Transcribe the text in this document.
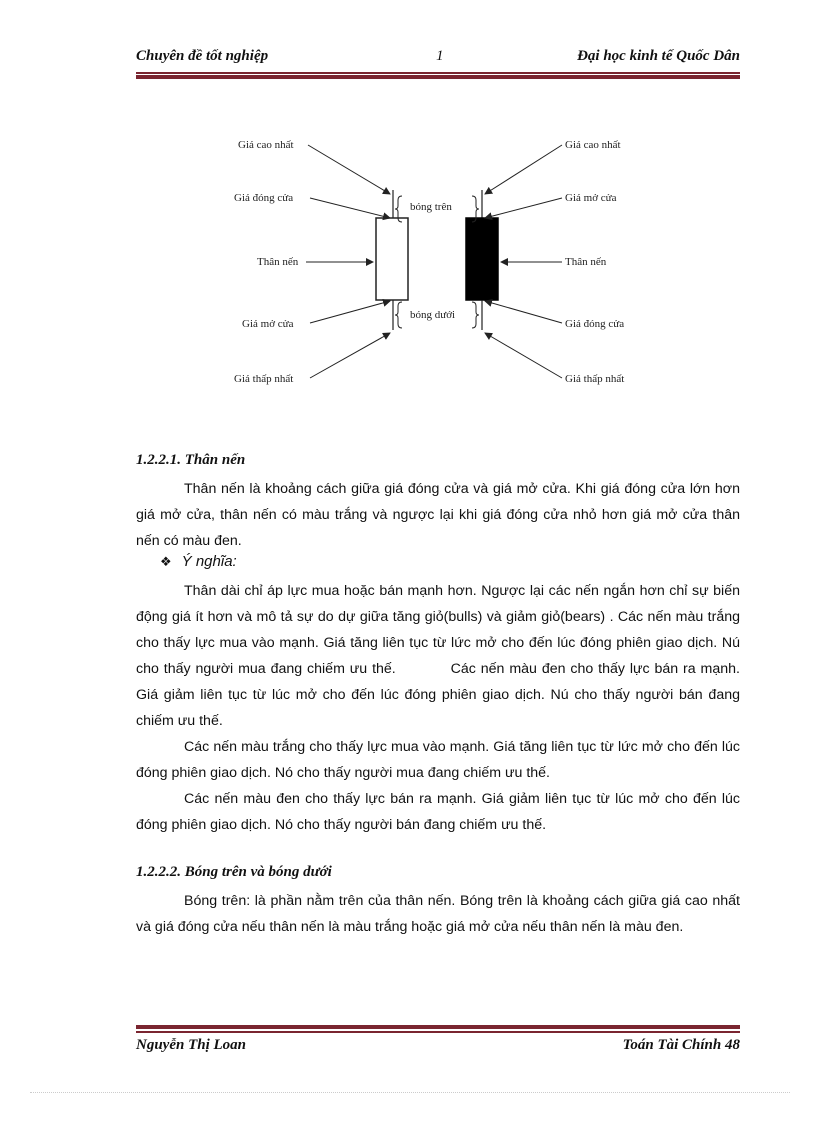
Chuyên đề tốt nghiệp	1	Đại học kinh tế Quốc Dân
bóng trên
bóng dưới
Giá cao nhất
Giá đóng cửa
Thân nến
Giá mở cửa
Giá thấp nhất
Giá cao nhất
Giá mở cửa
Thân nến
Giá đóng cửa
Giá thấp nhất
1.2.2.1. Thân nến
Thân nến là khoảng cách giữa giá đóng cửa và giá mở cửa. Khi giá đóng cửa lớn hơn giá mở cửa, thân nến có màu trắng và ngược lại khi giá đóng cửa nhỏ hơn giá mở cửa thân nến có màu đen.
❖ Ý nghĩa:
Thân dài chỉ áp lực mua hoặc bán mạnh hơn. Ngược lại các nến ngắn hơn chỉ sự biến động giá ít hơn và mô tả sự do dự giữa tăng giỏ(bulls) và giảm giỏ(bears) . Các nến màu trắng cho thấy lực mua vào mạnh. Giá tăng liên tục từ lức mở cho đến lúc đóng phiên giao dịch. Nú cho thấy người mua đang chiếm ưu thế.	Các nến màu đen cho thấy lực bán ra mạnh. Giá giảm liên tục từ lúc mở cho đến lúc đóng phiên giao dịch. Nú cho thấy người bán đang chiếm ưu thế.
Các nến màu trắng cho thấy lực mua vào mạnh. Giá tăng liên tục từ lức mở cho đến lúc đóng phiên giao dịch. Nó cho thấy người mua đang chiếm ưu thế.
Các nến màu đen cho thấy lực bán ra mạnh. Giá giảm liên tục từ lúc mở cho đến lúc đóng phiên giao dịch. Nó cho thấy người bán đang chiếm ưu thế.
1.2.2.2. Bóng trên và bóng dưới
Bóng trên: là phần nằm trên của thân nến. Bóng trên là khoảng cách giữa giá cao nhất và giá đóng cửa nếu thân nến là màu trắng hoặc giá mở cửa nếu thân nến là màu đen.
Nguyễn Thị Loan	Toán Tài Chính 48
